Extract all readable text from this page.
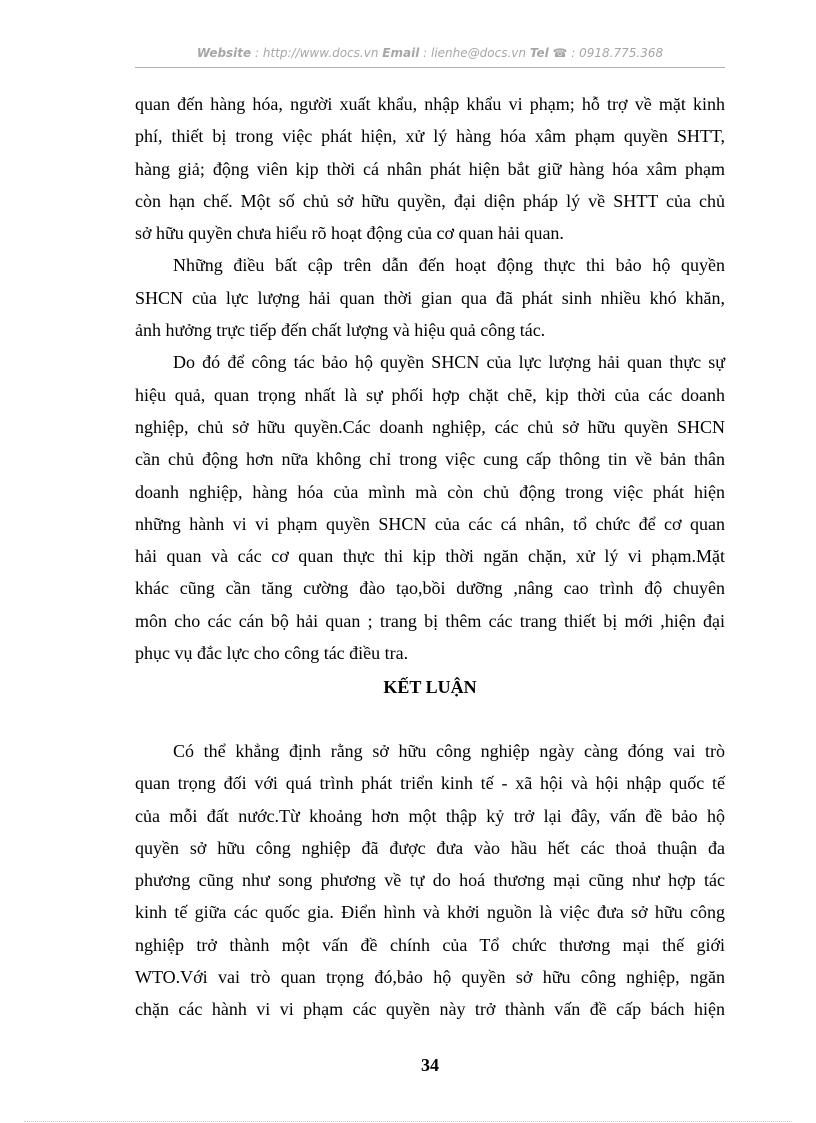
Website : http://www.docs.vn Email : lienhe@docs.vn Tel ☎ : 0918.775.368
quan đến hàng hóa, người xuất khẩu, nhập khẩu vi phạm; hỗ trợ về mặt kinh
phí, thiết bị trong việc phát hiện, xử lý hàng hóa xâm phạm quyền SHTT,
hàng giả; động viên kịp thời cá nhân phát hiện bắt giữ hàng hóa xâm phạm
còn hạn chế. Một số chủ sở hữu quyền, đại diện pháp lý về SHTT của chủ
sở hữu quyền chưa hiểu rõ hoạt động của cơ quan hải quan.
Những điều bất cập trên dẫn đến hoạt động thực thi bảo hộ quyền
SHCN của lực lượng hải quan thời gian qua đã phát sinh nhiều khó khăn,
ảnh hưởng trực tiếp đến chất lượng và hiệu quả công tác.
Do đó để công tác bảo hộ quyền SHCN của lực lượng hải quan thực sự
hiệu quả, quan trọng nhất là sự phối hợp chặt chẽ, kịp thời của các doanh
nghiệp, chủ sở hữu quyền.Các doanh nghiệp, các chủ sở hữu quyền SHCN
cần chủ động hơn nữa không chỉ trong việc cung cấp thông tin về bản thân
doanh nghiệp, hàng hóa của mình mà còn chủ động trong việc phát hiện
những hành vi vi phạm quyền SHCN của các cá nhân, tổ chức để cơ quan
hải quan và các cơ quan thực thi kịp thời ngăn chặn, xử lý vi phạm.Mặt
khác cũng cần tăng cường đào tạo,bồi dưỡng ,nâng cao trình độ chuyên
môn cho các cán bộ hải quan ; trang bị thêm các trang thiết bị mới ,hiện đại
phục vụ đắc lực cho công tác điều tra.
KẾT LUẬN
Có thể khẳng định rằng sở hữu công nghiệp ngày càng đóng vai trò
quan trọng đối với quá trình phát triển kinh tế - xã hội và hội nhập quốc tế
của mỗi đất nước.Từ khoảng hơn một thập kỷ trở lại đây, vấn đề bảo hộ
quyền sở hữu công nghiệp đã được đưa vào hầu hết các thoả thuận đa
phương cũng như song phương về tự do hoá thương mại cũng như hợp tác
kinh tế giữa các quốc gia. Điển hình và khởi nguồn là việc đưa sở hữu công
nghiệp trở thành một vấn đề chính của Tổ chức thương mại thế giới
WTO.Với vai trò quan trọng đó,bảo hộ quyền sở hữu công nghiệp, ngăn
chặn các hành vi vi phạm các quyền này trở thành vấn đề cấp bách hiện
34
